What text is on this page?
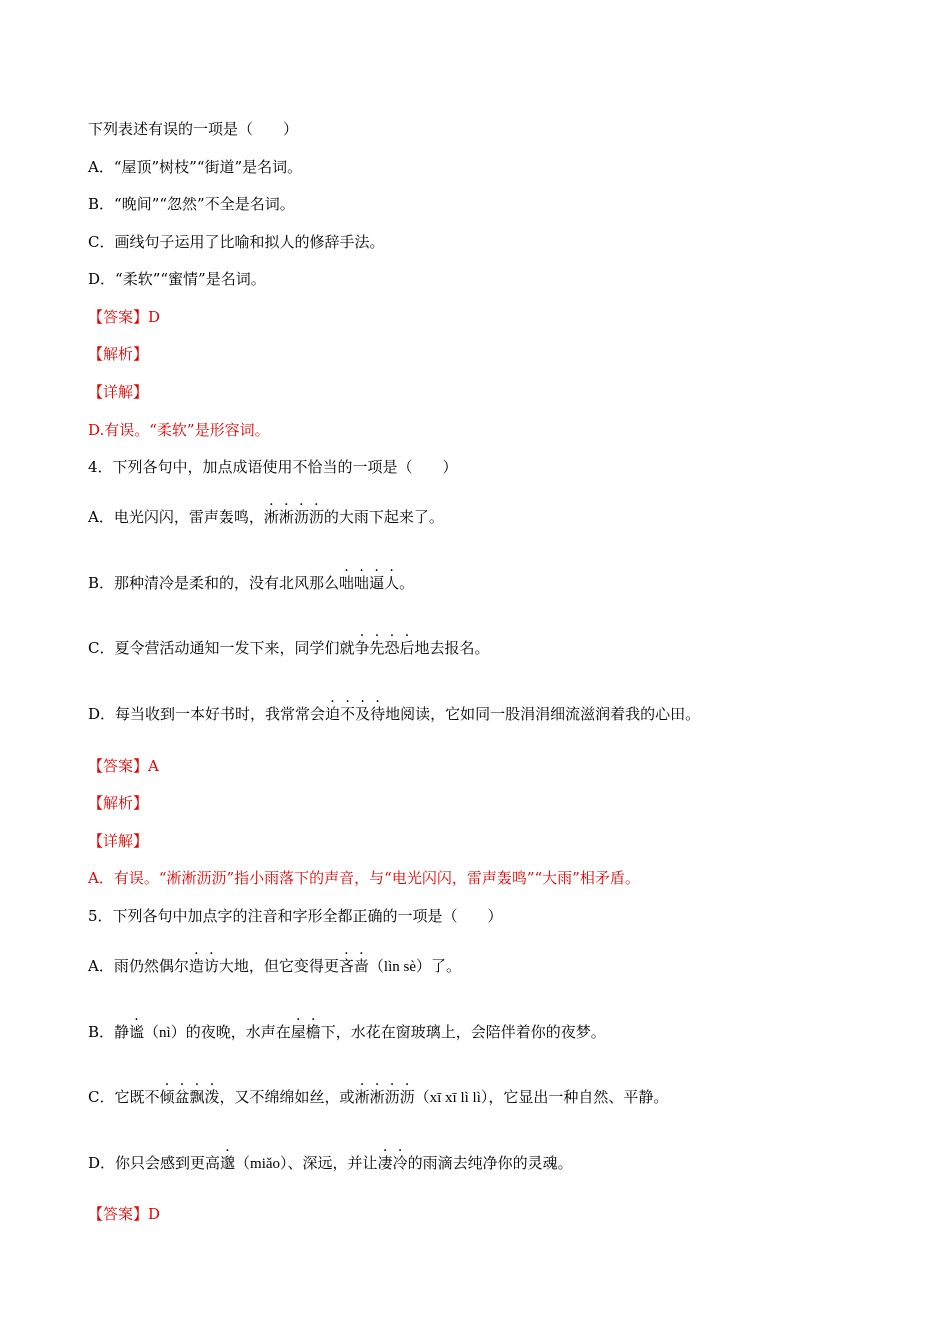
下列表述有误的一项是（　　）
A．“屋顶”树枝”“街道”是名词。
B．“晚间”“忽然”不全是名词。
C．画线句子运用了比喻和拟人的修辞手法。
D．“柔软”“蜜情”是名词。
【答案】D
【解析】
【详解】
D.有误。“柔软”是形容词。
4．下列各句中，加点成语使用不恰当的一项是（　　）
A．电光闪闪，雷声轰鸣，淅淅沥沥的大雨下起来了。
B．那种清冷是柔和的，没有北风那么咄咄逼人。
C．夏令营活动通知一发下来，同学们就争先恐后地去报名。
D．每当收到一本好书时，我常常会迫不及待地阅读，它如同一股涓涓细流滋润着我的心田。
【答案】A
【解析】
【详解】
A．有误。“淅淅沥沥”指小雨落下的声音，与“电光闪闪，雷声轰鸣”“大雨”相矛盾。
5．下列各句中加点字的注音和字形全都正确的一项是（　　）
A．雨仍然偶尔造访大地，但它变得更吝啬（lìn sè）了。
B．静谧（nì）的夜晚，水声在屋檐下，水花在窗玻璃上，会陪伴着你的夜梦。
C．它既不倾盆飘泼，又不绵绵如丝，或淅淅沥沥（xī xī lì lì），它显出一种自然、平静。
D．你只会感到更高邈（miǎo）、深远，并让凄冷的雨滴去纯净你的灵魂。
【答案】D
